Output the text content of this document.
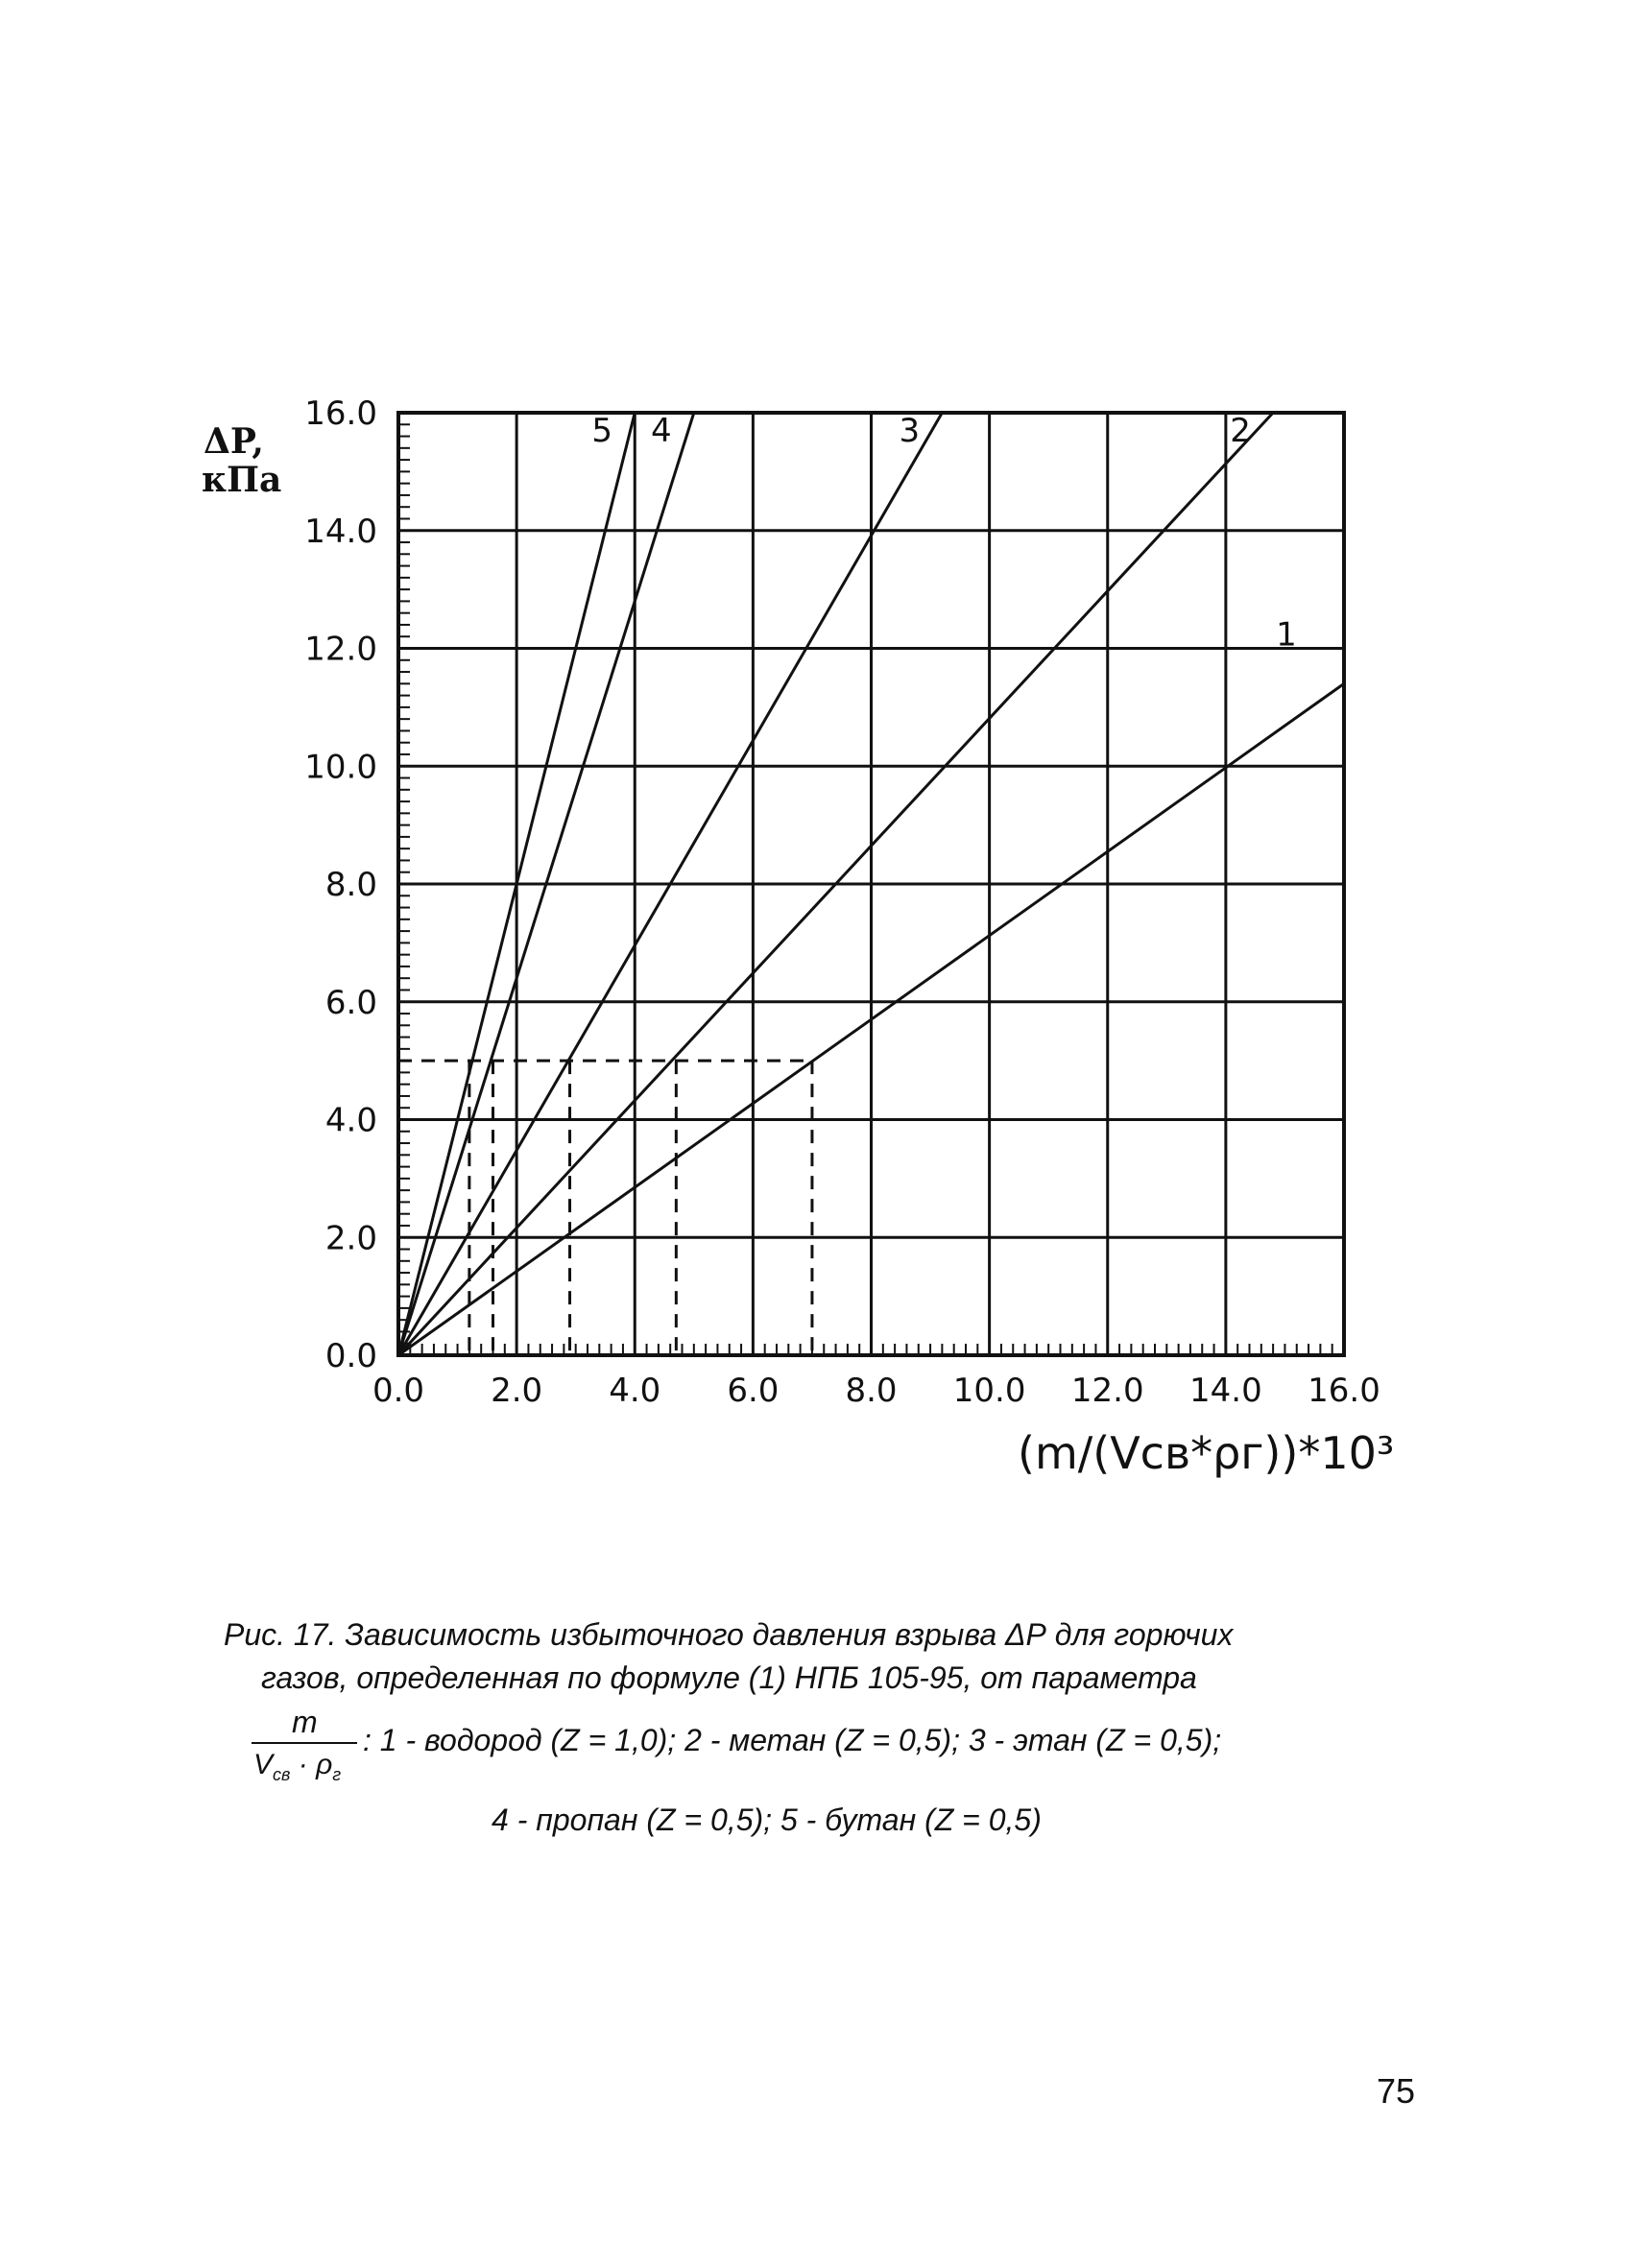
0.0 2.0 4.0 6.0 8.0 10.0 12.0 14.0 16.0
0.0
2.0
4.0
6.0
8.0
10.0
12.0
14.0
16.0
1
2
3
4
5
ΔP,
кПа
(m/(Vсв*ρг))*10³
Рис. 17. Зависимость избыточного давления взрыва ΔР для горючих
газов, определенная по формуле (1) НПБ 105-95, от параметра
m
$V_{св} \cdot \rho_г$
: 1 - водород (Z = 1,0); 2 - метан (Z = 0,5); 3 - этан (Z = 0,5);
4 - пропан (Z = 0,5); 5 - бутан (Z = 0,5)
75
